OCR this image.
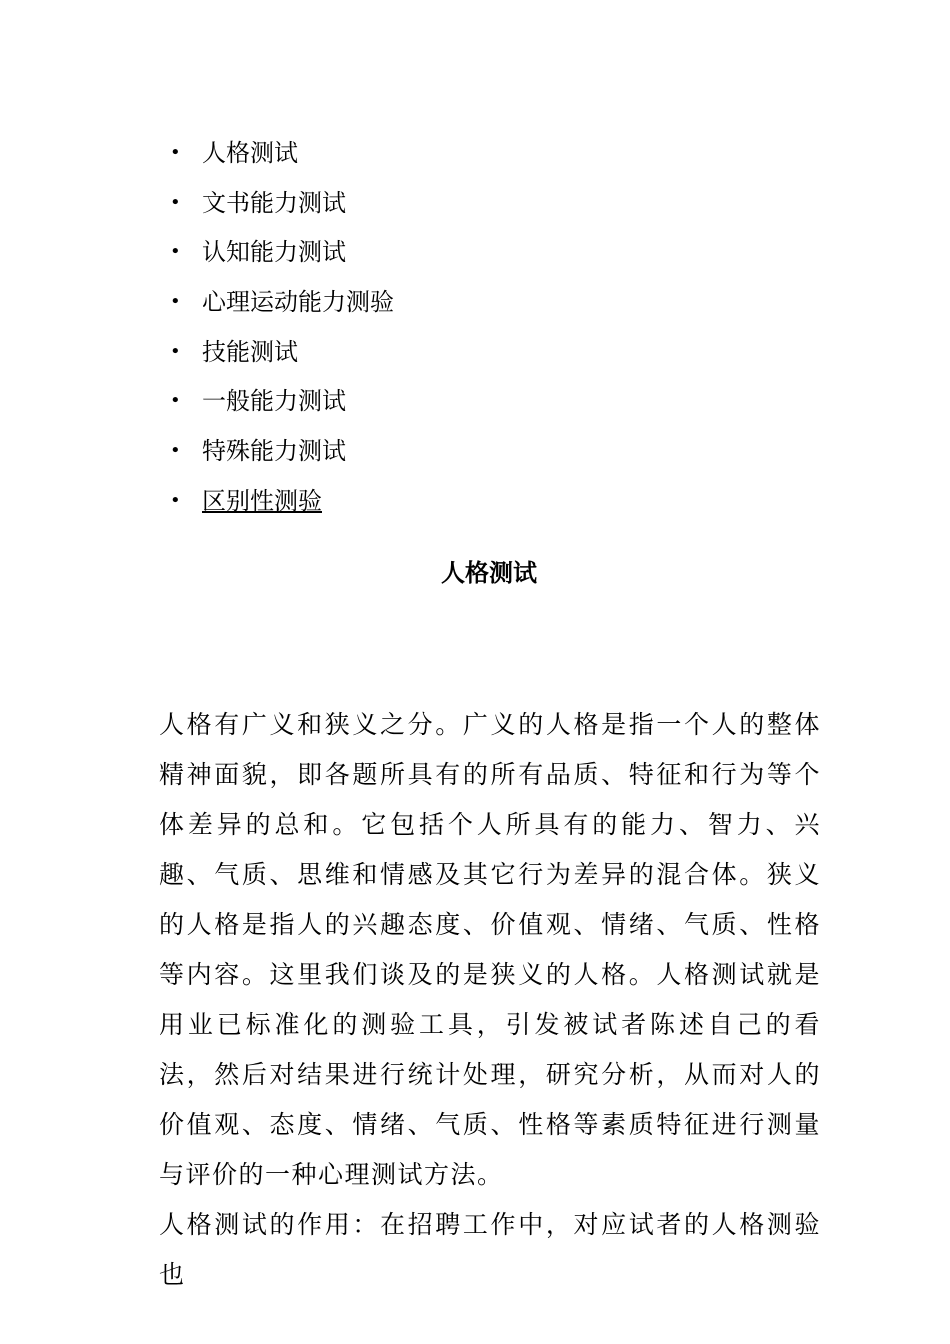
• 人格测试
• 文书能力测试
• 认知能力测试
• 心理运动能力测验
• 技能测试
• 一般能力测试
• 特殊能力测试
• 区别性测验
人格测试

人格有广义和狭义之分。广义的人格是指一个人的整体精神面貌，即各题所具有的所有品质、特征和行为等个体差异的总和。它包括个人所具有的能力、智力、兴趣、气质、思维和情感及其它行为差异的混合体。狭义的人格是指人的兴趣态度、价值观、情绪、气质、性格等内容。这里我们谈及的是狭义的人格。人格测试就是用业已标准化的测验工具，引发被试者陈述自己的看法，然后对结果进行统计处理，研究分析，从而对人的价值观、态度、情绪、气质、性格等素质特征进行测量与评价的一种心理测试方法。

人格测试的作用：在招聘工作中，对应试者的人格测验也
